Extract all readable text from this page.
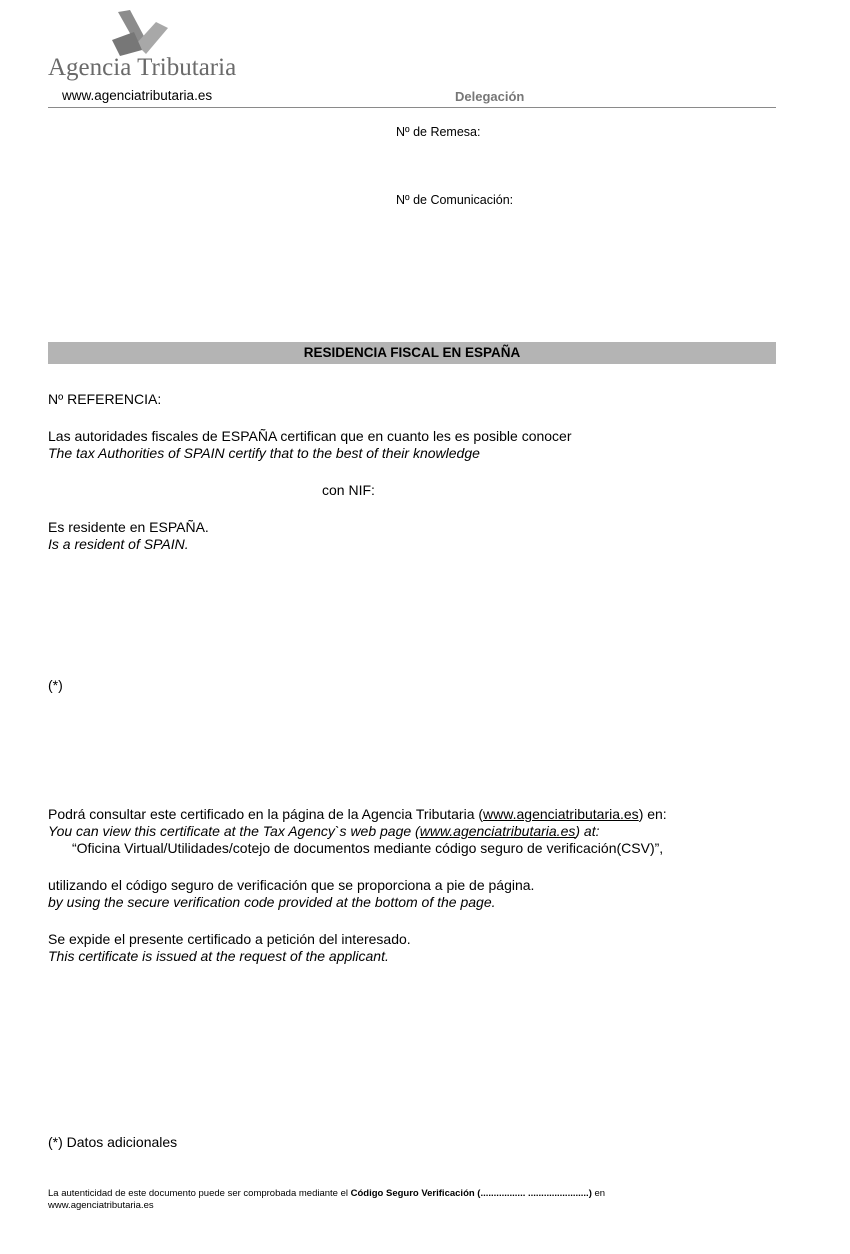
Agencia Tributaria
www.agenciatributaria.es	Delegación
Nº de Remesa:
Nº de Comunicación:
RESIDENCIA FISCAL EN ESPAÑA
Nº REFERENCIA:
Las autoridades fiscales de ESPAÑA certifican que en cuanto les es posible conocer
The tax Authorities of SPAIN certify that to the best of their knowledge
con NIF:
Es residente en ESPAÑA.
Is a resident of SPAIN.
(*)
Podrá consultar este certificado en la página de la Agencia Tributaria (www.agenciatributaria.es) en:
You can view this certificate at the Tax Agency`s web page (www.agenciatributaria.es) at:
“Oficina Virtual/Utilidades/cotejo de documentos mediante código seguro de verificación(CSV)”,
utilizando el código seguro de verificación que se proporciona a pie de página.
by using the secure verification code provided at the bottom of the page.
Se expide el presente certificado a petición del interesado.
This certificate is issued at the request of the applicant.
(*) Datos adicionales
La autenticidad de este documento puede ser comprobada mediante el Código Seguro Verificación (................. .......................) en
www.agenciatributaria.es
